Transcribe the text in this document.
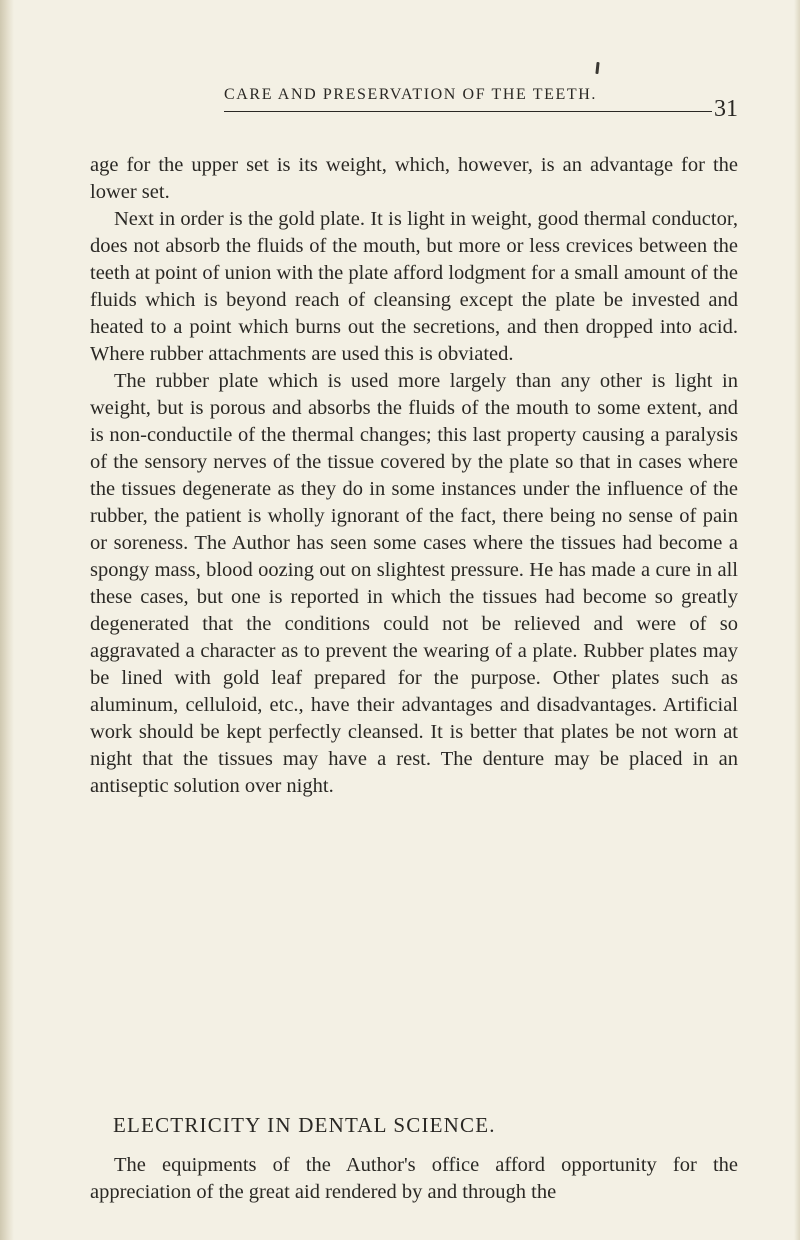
CARE AND PRESERVATION OF THE TEETH.
31

age for the upper set is its weight, which, however, is an advantage for the lower set.

Next in order is the gold plate. It is light in weight, good thermal conductor, does not absorb the fluids of the mouth, but more or less crevices between the teeth at point of union with the plate afford lodgment for a small amount of the fluids which is beyond reach of cleansing except the plate be invested and heated to a point which burns out the secretions, and then dropped into acid. Where rubber attachments are used this is obviated.

The rubber plate which is used more largely than any other is light in weight, but is porous and absorbs the fluids of the mouth to some extent, and is non-conductile of the thermal changes; this last property causing a paralysis of the sensory nerves of the tissue covered by the plate so that in cases where the tissues degenerate as they do in some instances under the influence of the rubber, the patient is wholly ignorant of the fact, there being no sense of pain or soreness. The Author has seen some cases where the tissues had become a spongy mass, blood oozing out on slightest pressure. He has made a cure in all these cases, but one is reported in which the tissues had become so greatly degenerated that the conditions could not be relieved and were of so aggravated a character as to prevent the wearing of a plate. Rubber plates may be lined with gold leaf prepared for the purpose. Other plates such as aluminum, celluloid, etc., have their advantages and disadvantages. Artificial work should be kept perfectly cleansed. It is better that plates be not worn at night that the tissues may have a rest. The denture may be placed in an antiseptic solution over night.

ELECTRICITY IN DENTAL SCIENCE.

The equipments of the Author's office afford opportunity for the appreciation of the great aid rendered by and through the
